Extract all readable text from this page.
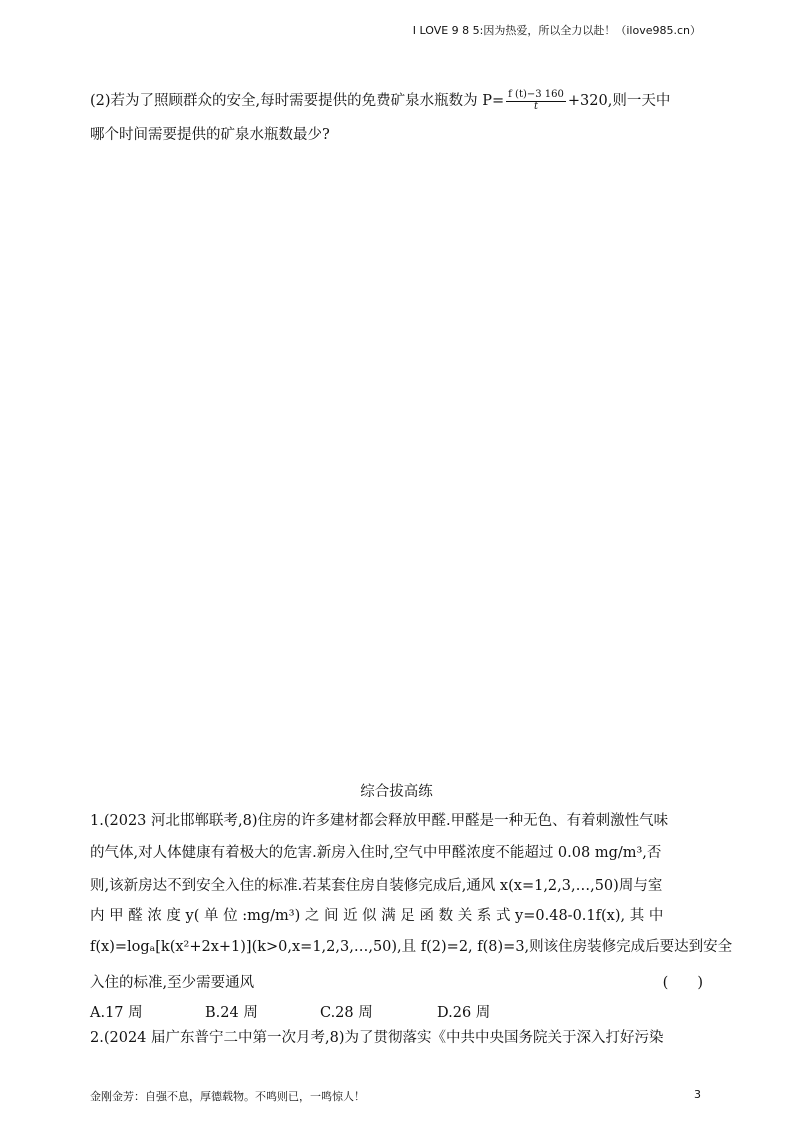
I LOVE 9 8 5:因为热爱，所以全力以赴！（ilove985.cn）
(2)若为了照顾群众的安全,每时需要提供的免费矿泉水瓶数为 $P= \frac{f (t)-3 160}{t} +320$,则一天中
哪个时间需要提供的矿泉水瓶数最少?
综合拔高练
1.(2023 河北邯郸联考,8)住房的许多建材都会释放甲醛.甲醛是一种无色、有着刺激性气味
的气体,对人体健康有着极大的危害.新房入住时,空气中甲醛浓度不能超过 0.08 mg/m³,否
则,该新房达不到安全入住的标准.若某套住房自装修完成后,通风 x(x=1,2,3,…,50)周与室
内 甲 醛 浓 度 y( 单 位 :mg/m³) 之 间 近 似 满 足 函 数 关 系 式 y=0.48-0.1f(x), 其 中
f(x)=logₐ[k(x²+2x+1)](k>0,x=1,2,3,…,50),且 f(2)=2, f(8)=3,则该住房装修完成后要达到安全
入住的标准,至少需要通风	(　　)
A.17 周	B.24 周	C.28 周	D.26 周
2.(2024 届广东普宁二中第一次月考,8)为了贯彻落实《中共中央国务院关于深入打好污染
金刚金芳：自强不息，厚德载物。不鸣则已，一鸣惊人！	3
